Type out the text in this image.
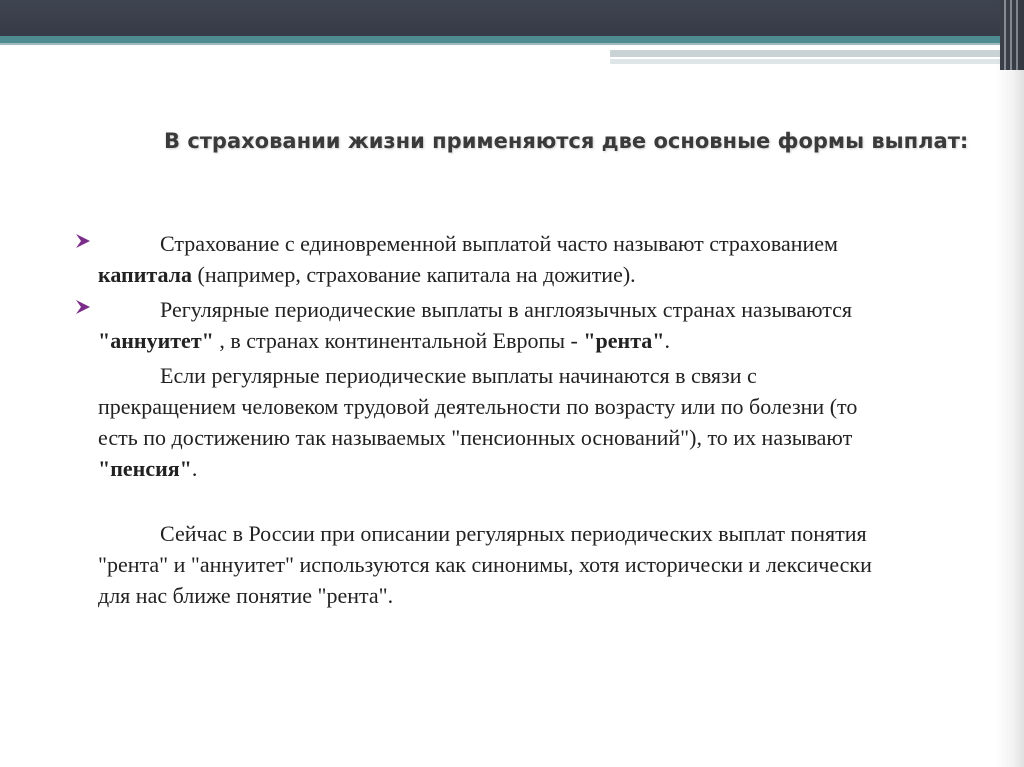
В страховании жизни применяются две основные формы выплат:

Страхование с единовременной выплатой часто называют страхованием капитала (например, страхование капитала на дожитие).

Регулярные периодические выплаты в англоязычных странах называются "аннуитет" , в странах континентальной Европы - "рента".

Если регулярные периодические выплаты начинаются в связи с прекращением человеком трудовой деятельности по возрасту или по болезни (то есть по достижению так называемых "пенсионных оснований"), то их называют "пенсия".

Сейчас в России при описании регулярных периодических выплат понятия "рента" и "аннуитет" используются как синонимы, хотя исторически и лексически для нас ближе понятие "рента".
